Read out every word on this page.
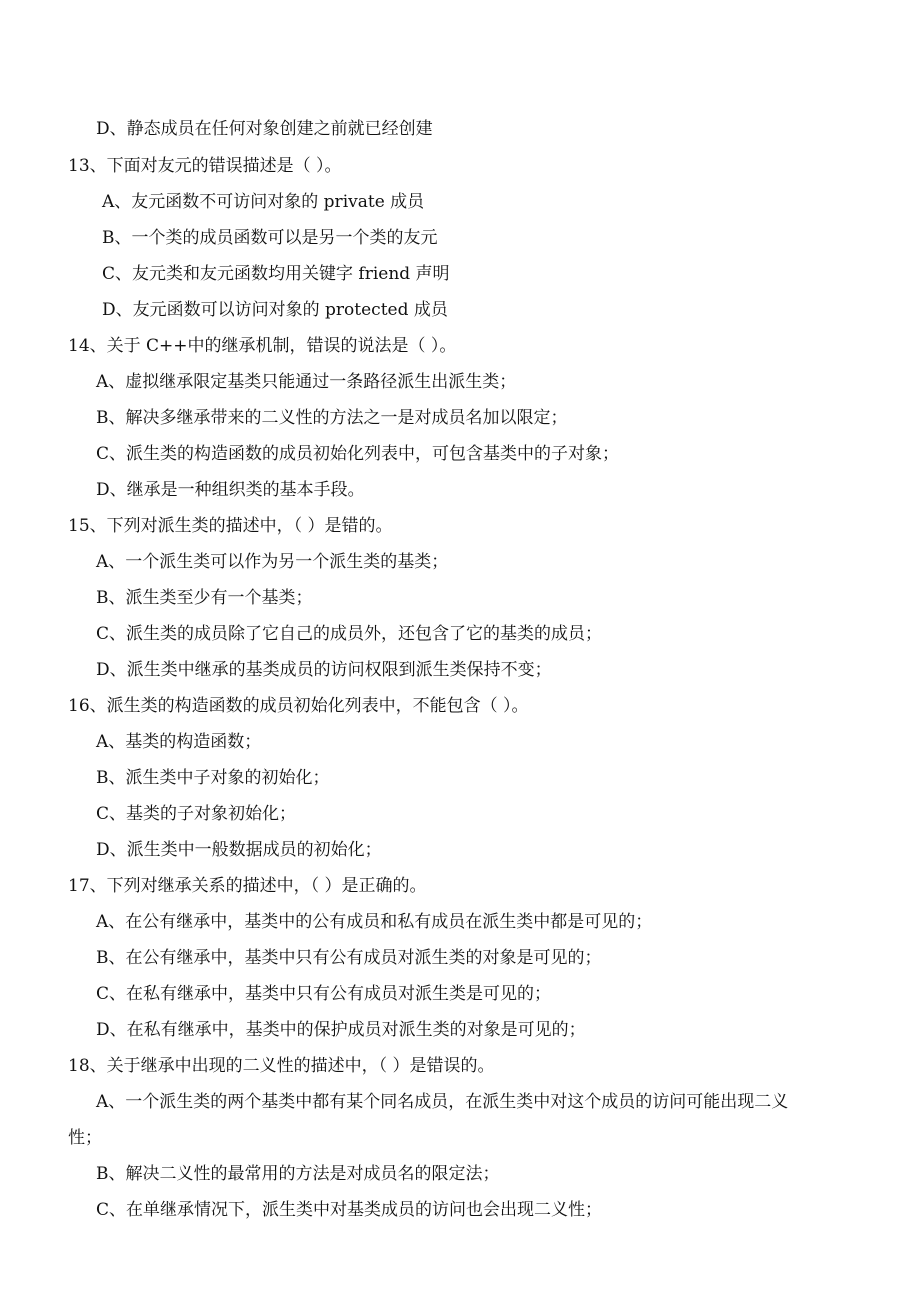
D、静态成员在任何对象创建之前就已经创建
13、下面对友元的错误描述是（ ）。
A、友元函数不可访问对象的 private 成员
B、一个类的成员函数可以是另一个类的友元
C、友元类和友元函数均用关键字 friend 声明
D、友元函数可以访问对象的 protected 成员
14、关于 C++中的继承机制，错误的说法是（ ）。
A、虚拟继承限定基类只能通过一条路径派生出派生类；
B、解决多继承带来的二义性的方法之一是对成员名加以限定；
C、派生类的构造函数的成员初始化列表中，可包含基类中的子对象；
D、继承是一种组织类的基本手段。
15、下列对派生类的描述中，（ ）是错的。
A、一个派生类可以作为另一个派生类的基类；
B、派生类至少有一个基类；
C、派生类的成员除了它自己的成员外，还包含了它的基类的成员；
D、派生类中继承的基类成员的访问权限到派生类保持不变；
16、派生类的构造函数的成员初始化列表中，不能包含（ ）。
A、基类的构造函数；
B、派生类中子对象的初始化；
C、基类的子对象初始化；
D、派生类中一般数据成员的初始化；
17、下列对继承关系的描述中，（ ）是正确的。
A、在公有继承中，基类中的公有成员和私有成员在派生类中都是可见的；
B、在公有继承中，基类中只有公有成员对派生类的对象是可见的；
C、在私有继承中，基类中只有公有成员对派生类是可见的；
D、在私有继承中，基类中的保护成员对派生类的对象是可见的；
18、关于继承中出现的二义性的描述中，（ ）是错误的。
A、一个派生类的两个基类中都有某个同名成员，在派生类中对这个成员的访问可能出现二义
性；
B、解决二义性的最常用的方法是对成员名的限定法；
C、在单继承情况下，派生类中对基类成员的访问也会出现二义性；
